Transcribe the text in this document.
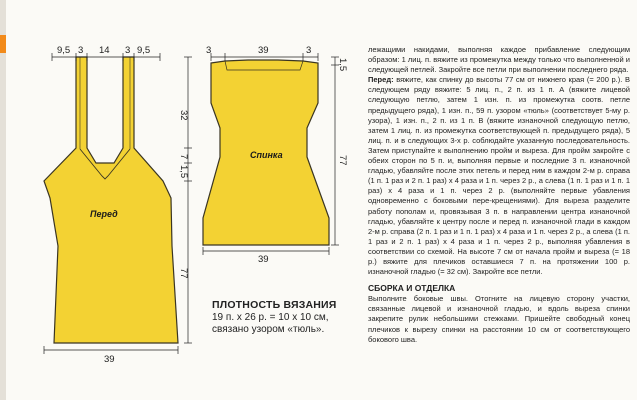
9,5 3 14 3 9,5
32
7
1,5
77
39
Перед
3	39	3
1,5
77
39
Спинка
ПЛОТНОСТЬ ВЯЗАНИЯ
19 п. x 26 р. = 10 x 10 см,
связано узором «тюль».

лежащими накидами, выполняя каждое прибавление следующим образом: 1 лиц. п. вяжите из промежутка между только что выполненной и следующей петлей. Закройте все петли при выполнении последнего ряда.

Перед: вяжите, как спинку до высоты 77 см от нижнего края (= 200 р.). В следующем ряду вяжите: 5 лиц. п., 2 п. из 1 п. А (вяжите лицевой следующую петлю, затем 1 изн. п. из промежутка соотв. петле предыдущего ряда), 1 изн. п., 59 п. узором «тюль» (соответствует 5-му р. узора), 1 изн. п., 2 п. из 1 п. В (вяжите изнаночной следующую петлю, затем 1 лиц. п. из промежутка соответствующей п. предыдущего ряда), 5 лиц. п. и в следующих 3-х р. соблюдайте указанную последовательность. Затем приступайте к выполнению пройм и выреза. Для пройм закройте с обеих сторон по 5 п. и, выполняя первые и последние 3 п. изнаночной гладью, убавляйте после этих петель и перед ним в каждом 2-м р. справа (1 п. 1 раз и 2 п. 1 раз) x 4 раза и 1 п. через 2 р., а слева (1 п. 1 раз и 1 п. 1 раз) x 4 раза и 1 п. через 2 р. (выполняйте первые убавления одновременно с боковыми пере-крещениями). Для выреза разделите работу пополам и, провязывая 3 п. в направлении центра изнаночной гладью, убавляйте к центру после и перед п. изнаночной глади в каждом 2-м р. справа (2 п. 1 раз и 1 п. 1 раз) x 4 раза и 1 п. через 2 р., а слева (1 п. 1 раз и 2 п. 1 раз) x 4 раза и 1 п. через 2 р., выполняя убавления в соответствии со схемой. На высоте 7 см от начала пройм и выреза (= 18 р.) вяжите для плечиков оставшиеся 7 п. на протяжении 100 р. изнаночной гладью (= 32 см). Закройте все петли.

СБОРКА И ОТДЕЛКА

Выполните боковые швы. Отогните на лицевую сторону участки, связанные лицевой и изнаночной гладью, и вдоль выреза спинки закрепите рулик небольшими стежками. Пришейте свободный конец плечиков к вырезу спинки на расстоянии 10 см от соответствующего бокового шва.
